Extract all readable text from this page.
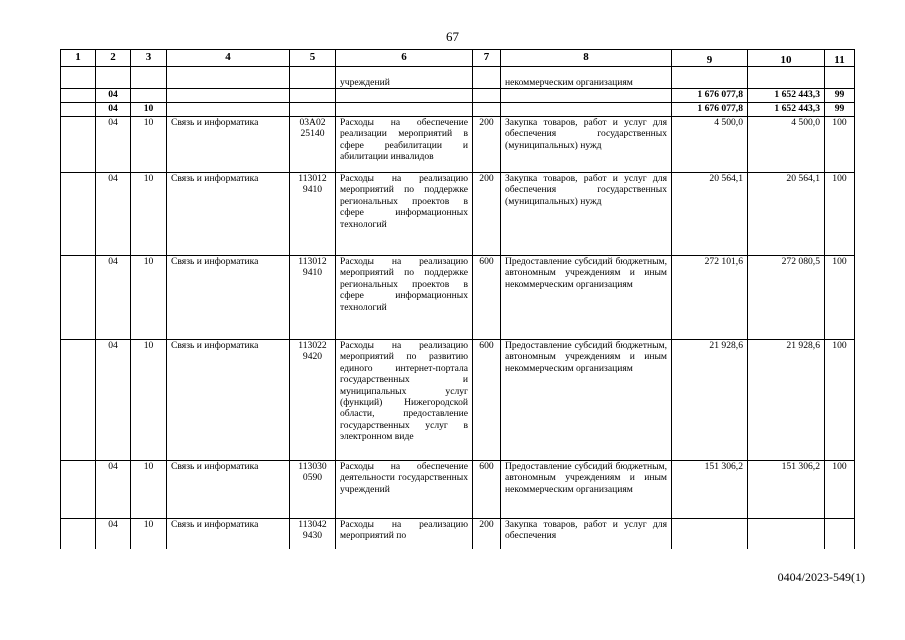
67
1	2	3	4	5	6	7	8	9	10	11
					учреждений		некоммерческим организациям			
	04							1 676 077,8	1 652 443,3	99
	04	10						1 676 077,8	1 652 443,3	99
	04	10	Связь и информатика	03А02 25140	Расходы на обеспечение реализации мероприятий в сфере реабилитации и абилитации инвалидов	200	Закупка товаров, работ и услуг для обеспечения государственных (муниципальных) нужд	4 500,0	4 500,0	100
	04	10	Связь и информатика	113012 9410	Расходы на реализацию мероприятий по поддержке региональных проектов в сфере информационных технологий	200	Закупка товаров, работ и услуг для обеспечения государственных (муниципальных) нужд	20 564,1	20 564,1	100
	04	10	Связь и информатика	113012 9410	Расходы на реализацию мероприятий по поддержке региональных проектов в сфере информационных технологий	600	Предоставление субсидий бюджетным, автономным учреждениям и иным некоммерческим организациям	272 101,6	272 080,5	100
	04	10	Связь и информатика	113022 9420	Расходы на реализацию мероприятий по развитию единого интернет-портала государственных и муниципальных услуг (функций) Нижегородской области, предоставление государственных услуг в электронном виде	600	Предоставление субсидий бюджетным, автономным учреждениям и иным некоммерческим организациям	21 928,6	21 928,6	100
	04	10	Связь и информатика	113030 0590	Расходы на обеспечение деятельности государственных учреждений	600	Предоставление субсидий бюджетным, автономным учреждениям и иным некоммерческим организациям	151 306,2	151 306,2	100
	04	10	Связь и информатика	113042 9430	Расходы на реализацию мероприятий по	200	Закупка товаров, работ и услуг для обеспечения			
0404/2023-549(1)
